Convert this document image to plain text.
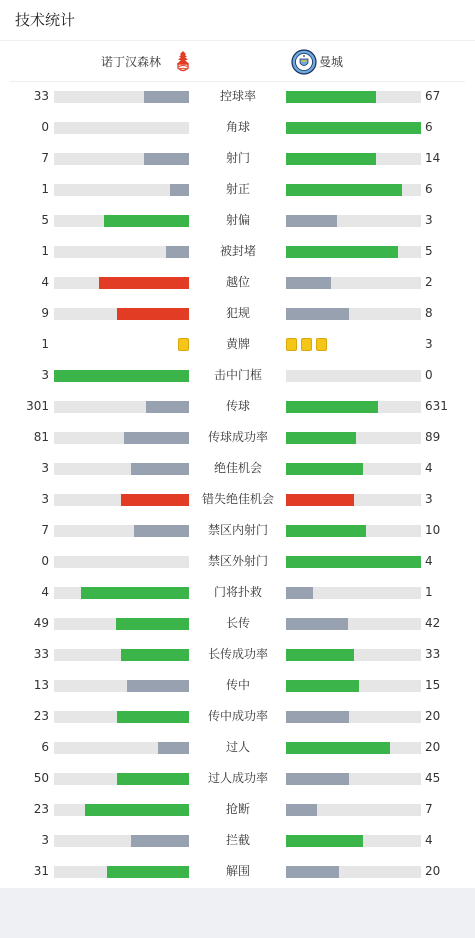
技术统计
诺丁汉森林	曼城
33	控球率	67
0	角球	6
7	射门	14
1	射正	6
5	射偏	3
1	被封堵	5
4	越位	2
9	犯规	8
1	黄牌	3
3	击中门框	0
301	传球	631
81	传球成功率	89
3	绝佳机会	4
3	错失绝佳机会	3
7	禁区内射门	10
0	禁区外射门	4
4	门将扑救	1
49	长传	42
33	长传成功率	33
13	传中	15
23	传中成功率	20
6	过人	20
50	过人成功率	45
23	抢断	7
3	拦截	4
31	解围	20
